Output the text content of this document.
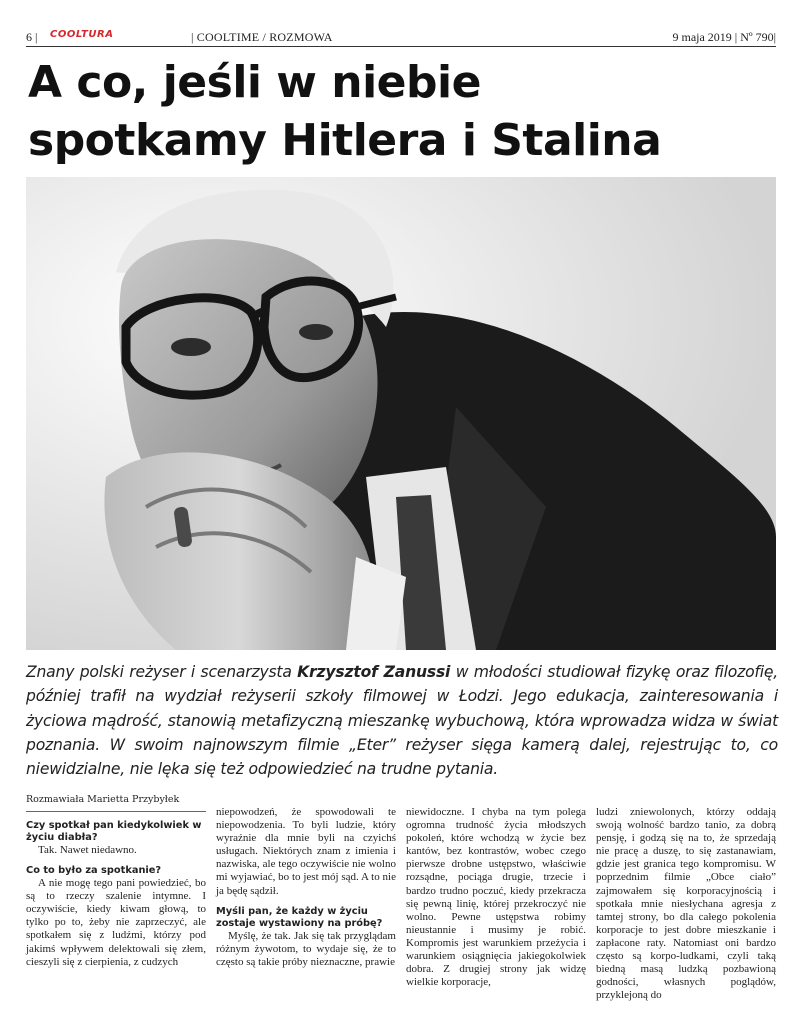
6 | COOLTURA	| COOLTIME / ROZMOWA	9 maja 2019 | Nº 790|
A co, jeśli w niebie
spotkamy Hitlera i Stalina

Znany polski reżyser i scenarzysta Krzysztof Zanussi w młodości studiował fizykę oraz filozofię, później trafił na wydział reżyserii szkoły filmowej w Łodzi. Jego edukacja, zainteresowania i życiowa mądrość, stanowią metafizyczną mieszankę wybuchową, która wprowadza widza w świat poznania. W swoim najnowszym filmie „Eter” reżyser sięga kamerą dalej, rejestrując to, co niewidzialne, nie lęka się też odpowiedzieć na trudne pytania.

Rozmawiała Marietta Przybyłek

Czy spotkał pan kiedykolwiek w życiu diabła?

Tak. Nawet niedawno.

Co to było za spotkanie?

A nie mogę tego pani powiedzieć, bo są to rzeczy szalenie intymne. I oczywiście, kiedy kiwam głową, to tylko po to, żeby nie zaprzeczyć, ale spotkałem się z ludźmi, którzy pod jakimś wpływem delektowali się złem, cieszyli się z cierpienia, z cudzych

niepowodzeń, że spowodowali te niepowodzenia. To byli ludzie, który wyraźnie dla mnie byli na czyichś usługach. Niektórych znam z imienia i nazwiska, ale tego oczywiście nie wolno mi wyjawiać, bo to jest mój sąd. A to nie ja będę sądził.

Myśli pan, że każdy w życiu zostaje wystawiony na próbę?

Myślę, że tak. Jak się tak przyglądam różnym żywotom, to wydaje się, że to często są takie próby nieznaczne, prawie

niewidoczne. I chyba na tym polega ogromna trudność życia młodszych pokoleń, które wchodzą w życie bez kantów, bez kontrastów, wobec czego pierwsze drobne ustępstwo, właściwie rozsądne, pociąga drugie, trzecie i bardzo trudno poczuć, kiedy przekracza się pewną linię, której przekroczyć nie wolno. Pewne ustępstwa robimy nieustannie i musimy je robić. Kompromis jest warunkiem przeżycia i warunkiem osiągnięcia jakiegokolwiek dobra. Z drugiej strony jak widzę wielkie korporacje,

ludzi zniewolonych, którzy oddają swoją wolność bardzo tanio, za dobrą pensję, i godzą się na to, że sprzedają nie pracę a duszę, to się zastanawiam, gdzie jest granica tego kompromisu. W poprzednim filmie „Obce ciało” zajmowałem się korporacyjnością i spotkała mnie niesłychana agresja z tamtej strony, bo dla całego pokolenia korporacje to jest dobre mieszkanie i zapłacone raty. Natomiast oni bardzo często są korpo-ludkami, czyli taką biedną masą ludzką pozbawioną godności, własnych poglądów, przyklejoną do
